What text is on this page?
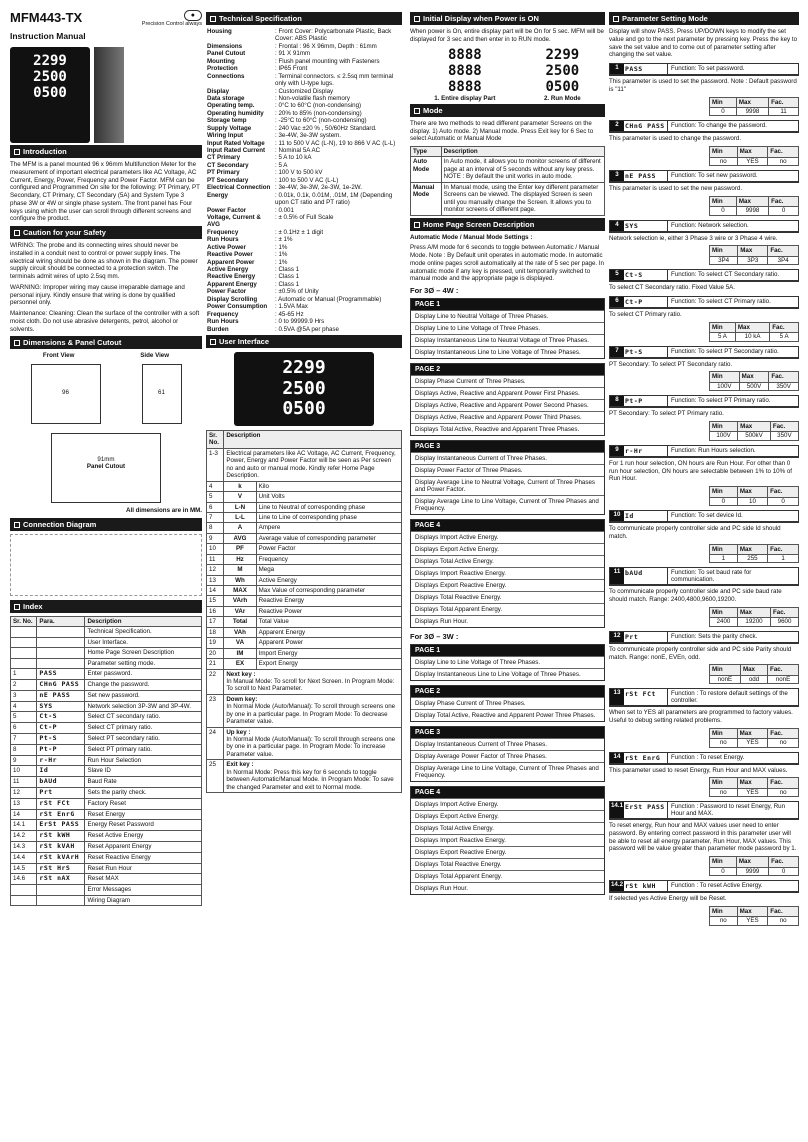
MFM443-TX
Instruction Manual
●
Precision Control always
2299
2500
0500
Introduction

The MFM is a panel mounted 96 x 96mm Multifunction Meter for the measurement of important electrical parameters like AC Voltage, AC Current, Energy, Power, Frequency and Power Factor. MFM can be configured and Programmed On site for the following: PT Primary, PT Secondary, CT Primary, CT Secondary (5A) and System Type 3 phase 3W or 4W or single phase system. The front panel has Four keys using which the user can scroll through different screens and configure the product.

Caution for your Safety

WIRING: The probe and its connecting wires should never be installed in a conduit next to control or power supply lines. The electrical wiring should be done as shown in the diagram. The power supply circuit should be connected to a protection switch. The terminals admit wires of upto 2.5sq mm.

WARNING: Improper wiring may cause irreparable damage and personal injury. Kindly ensure that wiring is done by qualified personnel only.

Maintenance: Cleaning: Clean the surface of the controller with a soft moist cloth. Do not use abrasive detergents, petrol, alcohol or solvents.

Dimensions & Panel Cutout
Front View	Side View
96	61
91mm
Panel Cutout

All dimensions are in MM.

Connection Diagram
Index
Sr. No.	Para.	Description
		Technical Specification.
		User Interface.
		Home Page Screen Description
		Parameter setting mode.
1	PASS	Enter password.
2	CHnG PASS	Change the password.
3	nE PASS	Set new password.
4	SYS	Network selection 3P-3W and 3P-4W.
5	Ct-S	Select CT secondary ratio.
6	Ct-P	Select CT primary ratio.
7	Pt-S	Select PT secondary ratio.
8	Pt-P	Select PT primary ratio.
9	r-Hr	Run Hour Selection
10	Id	Slave ID
11	bAUd	Baud Rate
12	Prt	Sets the parity check.
13	rSt FCt	Factory Reset
14	rSt EnrG	Reset Energy
14.1	ErSt PASS	Energy Reset Password
14.2	rSt kWH	Reset Active Energy
14.3	rSt kVAH	Reset Apparent Energy
14.4	rSt kVArH	Reset Reactive Energy
14.5	rSt HrS	Reset Run Hour
14.6	rSt nAX	Reset MAX
		Error Messages
		Wiring Diagram
Technical Specification
Housing	: Front Cover: Polycarbonate Plastic, Back Cover: ABS Plastic
Dimensions	: Frontal : 96 X 96mm, Depth : 61mm
Panel Cutout	: 91 X 91mm
Mounting	: Flush panel mounting with Fasteners
Protection	: IP65 Front
Connections	: Terminal connectors. ≤ 2.5sq mm terminal only with U-type lugs.
Display	: Customized Display
Data storage	: Non-volatile flash memory
Operating temp.	: 0°C to 60°C (non-condensing)
Operating humidity	: 20% to 85% (non-condensing)
Storage temp	: -25°C to 60°C (non-condensing)
Supply Voltage	: 240 Vac ±20 % , 50/60Hz Standard.
Wiring Input	: 3e-4W, 3e-3W system.
Input Rated Voltage	: 11 to 500 V AC (L-N), 19 to 866 V AC (L-L)
Input Rated Current	: Nominal 5A AC
CT Primary	: 5 A to 10 kA
CT Secondary	: 5 A
PT Primary	: 100 V to 500 kV
PT Secondary	: 100 to 500 V AC (L-L)
Electrical Connection	: 3e-4W, 3e-3W, 2e-3W, 1e-2W.
Energy	: 0.01k, 0.1k, 0.01M, .01M, 1M (Depending upon CT ratio and PT ratio)
Power Factor	: 0.001
Voltage, Current & AVG	: ± 0.5% of Full Scale
Frequency	: ± 0.1Hz ± 1 digit
Run Hours	: ± 1%
Active Power	: 1%
Reactive Power	: 1%
Apparent Power	: 1%
Active Energy	: Class 1
Reactive Energy	: Class 1
Apparent Energy	: Class 1
Power Factor	: ±0.5% of Unity
Display Scrolling	: Automatic or Manual (Programmable)
Power Consumption	: 1.5VA Max
Frequency	: 45-65 Hz
Run Hours	: 0 to 99999.9 Hrs
Burden	: 0.5VA @5A per phase
User Interface
2299
2500
0500
Sr. No.	Description	
1-3	Electrical parameters like AC Voltage, AC Current, Frequency, Power, Energy and Power Factor will be seen as Per screen no and auto or manual mode. Kindly refer Home Page Description.	
4	k	Kilo
5	V	Unit Volts
6	L-N	Line to Neutral of corresponding phase
7	L-L	Line to Line of corresponding phase
8	A	Ampere
9	AVG	Average value of corresponding parameter
10	PF	Power Factor
11	Hz	Frequency
12	M	Mega
13	Wh	Active Energy
14	MAX	Max Value of corresponding parameter
15	VArh	Reactive Energy
16	VAr	Reactive Power
17	Total	Total Value
18	VAh	Apparent Energy
19	VA	Apparent Power
20	IM	Import Energy
21	EX	Export Energy
22	Next key :
In Manual Mode: To scroll for Next Screen. In Program Mode: To scroll to Next Parameter.	

23	Down key:
In Normal Mode (Auto/Manual): To scroll through screens one by one in a particular page. In Program Mode: To decrease Parameter value.	

24	Up key :
In Normal Mode (Auto/Manual): To scroll through screens one by one in a particular page. In Program Mode: To increase Parameter value.	

25	Exit key :
In Normal Mode: Press this key for 6 seconds to toggle between Automatic/Manual Mode. In Program Mode: To save the changed Parameter and exit to Normal mode.	
Initial Display when Power is ON

When power is On, entire display part will be On for 5 sec. MFM will be displayed for 3 sec and then enter in to RUN mode.

8888
8888
8888
1. Entire display Part
2299
2500
0500
2. Run Mode
Mode

There are two methods to read different parameter Screens on the display. 1) Auto mode. 2) Manual mode. Press Exit key for 6 Sec to select Automatic or Manual Mode

Type	Description
Auto Mode	In Auto mode, it allows you to monitor screens of different page at an interval of 5 seconds without any key press. NOTE : By default the unit works in auto mode.
Manual Mode	In Manual mode, using the Enter key different parameter Screens can be viewed. The displayed Screen is seen until you manually change the Screen. It allows you to monitor screens of different page.
Home Page Screen Description

Automatic Mode / Manual Mode Settings :

Press A/M mode for 6 seconds to toggle between Automatic / Manual Mode. Note : By Default unit operates in automatic mode. In automatic mode online pages scroll automatically at the rate of 5 sec per page. In automatic mode if any key is pressed, unit temporarily switched to manual mode and the appropriate page is displayed.

For 3Ø – 4W :
PAGE 1
Display Line to Neutral Voltage of Three Phases.
Display Line to Line Voltage of Three Phases.
Display Instantaneous Line to Neutral Voltage of Three Phases.
Display Instantaneous Line to Line Voltage of Three Phases.
PAGE 2
Display Phase Current of Three Phases.
Displays Active, Reactive and Apparent Power First Phases.
Displays Active, Reactive and Apparent Power Second Phases.
Displays Active, Reactive and Apparent Power Third Phases.
Displays Total Active, Reactive and Apparent Three Phases.
PAGE 3
Display Instantaneous Current of Three Phases.
Display Power Factor of Three Phases.
Display Average Line to Neutral Voltage, Current of Three Phases and Power Factor.
Display Average Line to Line Voltage, Current of Three Phases and Frequency.
PAGE 4
Displays Import Active Energy.
Displays Export Active Energy.
Displays Total Active Energy.
Displays Import Reactive Energy.
Displays Export Reactive Energy.
Displays Total Reactive Energy.
Displays Total Apparent Energy.
Displays Run Hour.
For 3Ø – 3W :
PAGE 1
Display Line to Line Voltage of Three Phases.
Display Instantaneous Line to Line Voltage of Three Phases.
PAGE 2
Display Phase Current of Three Phases.
Display Total Active, Reactive and Apparent Power Three Phases.
PAGE 3
Display Instantaneous Current of Three Phases.
Display Average Power Factor of Three Phases.
Display Average Line to Line Voltage, Current of Three Phases and Frequency.
PAGE 4
Displays Import Active Energy.
Displays Export Active Energy.
Displays Total Active Energy.
Displays Import Reactive Energy.
Displays Export Reactive Energy.
Displays Total Reactive Energy.
Displays Total Apparent Energy.
Displays Run Hour.
Parameter Setting Mode

Display will show PASS. Press UP/DOWN keys to modify the set value and go to the next parameter by pressing key. Press the key to save the set value and to come out of parameter setting after changing the set value.

1 PASS	Function: To set password.

This parameter is used to set the password. Note : Default password is "11"

Min	Max	Fac.
0	9998	11
2 CHnG PASS	Function: To change the password.

This parameter is used to change the password.

Min	Max	Fac.
no	YES	no
3 nE PASS	Function: To set new password.

This parameter is used to set the new password.

Min	Max	Fac.
0	9998	0
4 SYS	Function: Network selection.

Network selection ie, either 3 Phase 3 wire or 3 Phase 4 wire.

Min	Max	Fac.
3P4	3P3	3P4
5 Ct-S	Function: To select CT Secondary ratio.

To select CT Secondary ratio. Fixed Value 5A.

6 Ct-P	Function: To select CT Primary ratio.

To select CT Primary ratio.

Min	Max	Fac.
5 A	10 kA	5 A
7 Pt-S	Function: To select PT Secondary ratio.

PT Secondary: To select PT Secondary ratio.

Min	Max	Fac.
100V	500V	350V
8 Pt-P	Function: To select PT Primary ratio.

PT Secondary: To select PT Primary ratio.

Min	Max	Fac.
100V	500kV	350V
9 r-Hr	Function: Run Hours selection.

For 1 run hour selection, ON hours are Run Hour. For other than 0 run hour selection, ON hours are selectable between 1% to 10% of Run Hour.

Min	Max	Fac.
0	10	0
10 Id	Function: To set device Id.

To communicate properly controller side and PC side Id should match.

Min	Max	Fac.
1	255	1
11 bAUd	Function: To set baud rate for communication.

To communicate properly controller side and PC side baud rate should match. Range: 2400,4800,9600,19200.

Min	Max	Fac.
2400	19200	9600
12 Prt	Function: Sets the parity check.

To communicate properly controller side and PC side Parity should match. Range: nonE, EVEn, odd.

Min	Max	Fac.
nonE	odd	nonE
13 rSt FCt	Function : To restore default settings of the controller.

When set to YES all parameters are programmed to factory values. Useful to debug setting related problems.

Min	Max	Fac.
no	YES	no
14 rSt EnrG	Function : To reset Energy.

This parameter used to reset Energy, Run Hour and MAX values.

Min	Max	Fac.
no	YES	no
14.1 ErSt PASS	Function : Password to reset Energy, Run Hour and MAX.

To reset energy, Run hour and MAX values user need to enter password. By entering correct password in this parameter user will be able to reset all energy parameter, Run Hour, MAX values. This password will be value greater than parameter mode password by 1.

Min	Max	Fac.
0	9999	0
14.2 rSt kWH	Function : To reset Active Energy.

If selected yes Active Energy will be Reset.

Min	Max	Fac.
no	YES	no
